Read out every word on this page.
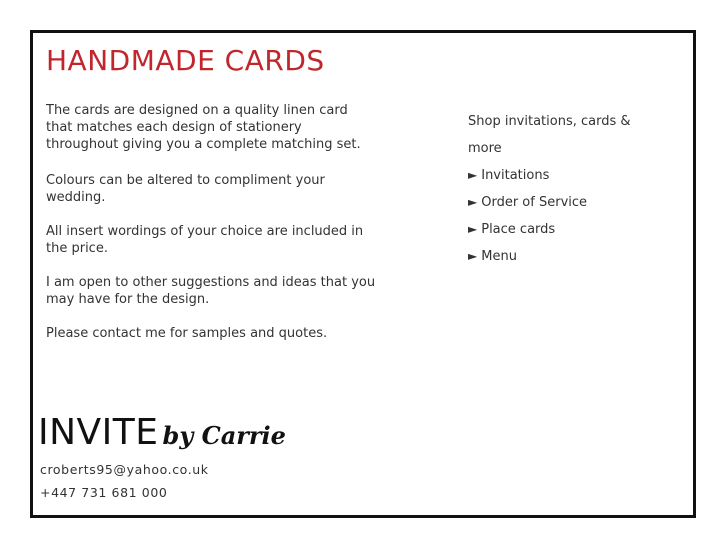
HANDMADE CARDS

The cards are designed on a quality linen card that matches each design of stationery throughout giving you a complete matching set.

Colours can be altered to compliment your wedding.

All insert wordings of your choice are included in the price.

I am open to other suggestions and ideas that you may have for the design.

Please contact me for samples and quotes.

Shop invitations, cards & more
► Invitations
► Order of Service
► Place cards
► Menu
INVITE by Carrie
croberts95@yahoo.co.uk
+447 731 681 000
